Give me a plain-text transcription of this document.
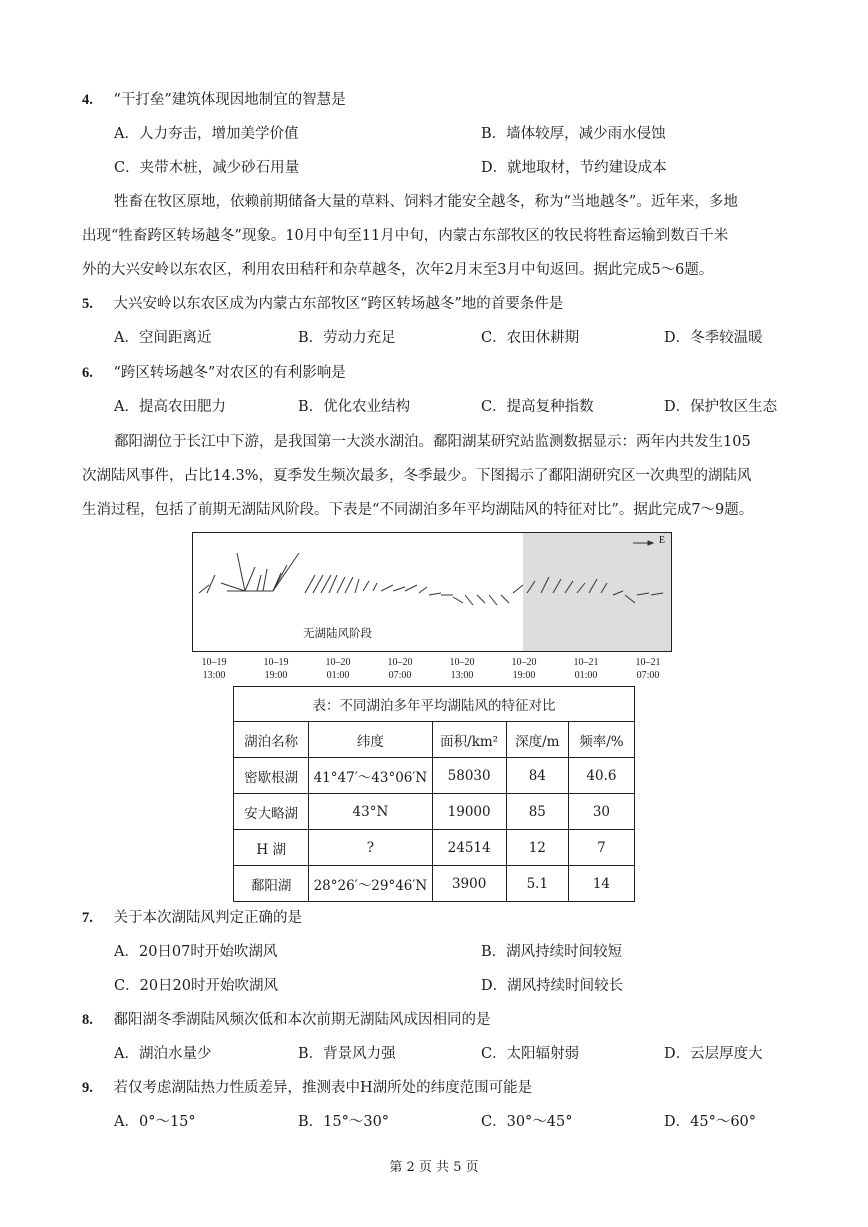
4. “干打垒”建筑体现因地制宜的智慧是
A．人力夯击，增加美学价值	B．墙体较厚，减少雨水侵蚀
C．夹带木桩，减少砂石用量	D．就地取材，节约建设成本
牲畜在牧区原地，依赖前期储备大量的草料、饲料才能安全越冬，称为“当地越冬”。近年来，多地
出现“牲畜跨区转场越冬”现象。10月中旬至11月中旬，内蒙古东部牧区的牧民将牲畜运输到数百千米
外的大兴安岭以东农区，利用农田秸秆和杂草越冬，次年2月末至3月中旬返回。据此完成5～6题。
5. 大兴安岭以东农区成为内蒙古东部牧区“跨区转场越冬”地的首要条件是
A．空间距离近	B．劳动力充足	C．农田休耕期	D．冬季较温暖
6. “跨区转场越冬”对农区的有利影响是
A．提高农田肥力	B．优化农业结构	C．提高复种指数	D．保护牧区生态
鄱阳湖位于长江中下游，是我国第一大淡水湖泊。鄱阳湖某研究站监测数据显示：两年内共发生105
次湖陆风事件，占比14.3%，夏季发生频次最多，冬季最少。下图揭示了鄱阳湖研究区一次典型的湖陆风
生消过程，包括了前期无湖陆风阶段。下表是“不同湖泊多年平均湖陆风的特征对比”。据此完成7～9题。
E
无湖陆风阶段
10–19
13:00
10–19
19:00
10–20
01:00
10–20
07:00
10–20
13:00
10–20
19:00
10–21
01:00
10–21
07:00
表：不同湖泊多年平均湖陆风的特征对比				
湖泊名称	纬度	面积/km²	深度/m	频率/%
密歇根湖	41°47′～43°06′N	58030	84	40.6
安大略湖	43°N	19000	85	30
H 湖	?	24514	12	7
鄱阳湖	28°26′～29°46′N	3900	5.1	14
7. 关于本次湖陆风判定正确的是
A．20日07时开始吹湖风	B．湖风持续时间较短
C．20日20时开始吹湖风	D．湖风持续时间较长
8. 鄱阳湖冬季湖陆风频次低和本次前期无湖陆风成因相同的是
A．湖泊水量少	B．背景风力强	C．太阳辐射弱	D．云层厚度大
9. 若仅考虑湖陆热力性质差异，推测表中H湖所处的纬度范围可能是
A．0°～15°	B．15°～30°	C．30°～45°	D．45°～60°
第 2 页 共 5 页
